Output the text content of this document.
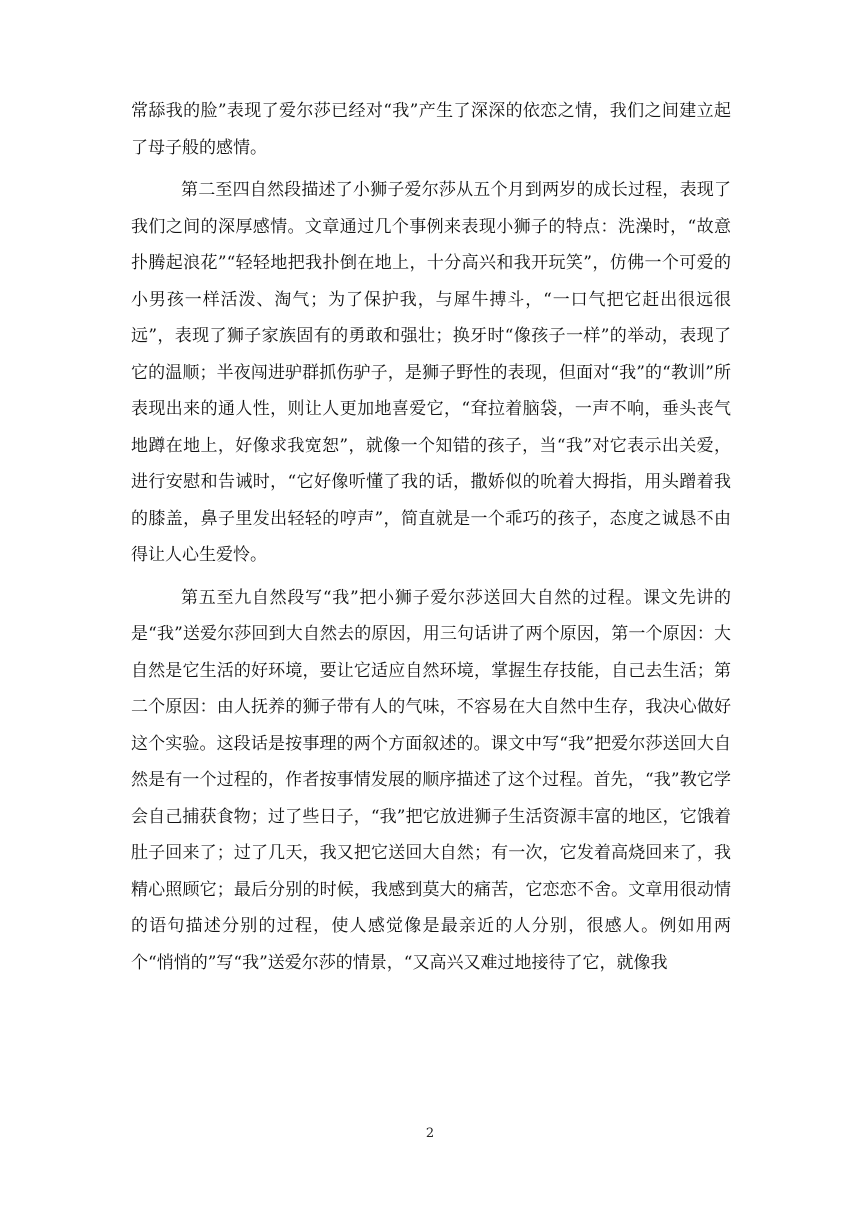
常舔我的脸”表现了爱尔莎已经对“我”产生了深深的依恋之情，我们之间建立起了母子般的感情。

第二至四自然段描述了小狮子爱尔莎从五个月到两岁的成长过程，表现了我们之间的深厚感情。文章通过几个事例来表现小狮子的特点：洗澡时，“故意扑腾起浪花”“轻轻地把我扑倒在地上，十分高兴和我开玩笑”，仿佛一个可爱的小男孩一样活泼、淘气；为了保护我，与犀牛搏斗，“一口气把它赶出很远很远”，表现了狮子家族固有的勇敢和强壮；换牙时“像孩子一样”的举动，表现了它的温顺；半夜闯进驴群抓伤驴子，是狮子野性的表现，但面对“我”的“教训”所表现出来的通人性，则让人更加地喜爱它，“耷拉着脑袋，一声不响，垂头丧气地蹲在地上，好像求我宽恕”，就像一个知错的孩子，当“我”对它表示出关爱，进行安慰和告诫时，“它好像听懂了我的话，撒娇似的吮着大拇指，用头蹭着我的膝盖，鼻子里发出轻轻的哼声”，简直就是一个乖巧的孩子，态度之诚恳不由得让人心生爱怜。

第五至九自然段写“我”把小狮子爱尔莎送回大自然的过程。课文先讲的是“我”送爱尔莎回到大自然去的原因，用三句话讲了两个原因，第一个原因：大自然是它生活的好环境，要让它适应自然环境，掌握生存技能，自己去生活；第二个原因：由人抚养的狮子带有人的气味，不容易在大自然中生存，我决心做好这个实验。这段话是按事理的两个方面叙述的。课文中写“我”把爱尔莎送回大自然是有一个过程的，作者按事情发展的顺序描述了这个过程。首先，“我”教它学会自己捕获食物；过了些日子，“我”把它放进狮子生活资源丰富的地区，它饿着肚子回来了；过了几天，我又把它送回大自然；有一次，它发着高烧回来了，我精心照顾它；最后分别的时候，我感到莫大的痛苦，它恋恋不舍。文章用很动情的语句描述分别的过程，使人感觉像是最亲近的人分别，很感人。例如用两个“悄悄的”写“我”送爱尔莎的情景，“又高兴又难过地接待了它，就像我

2
